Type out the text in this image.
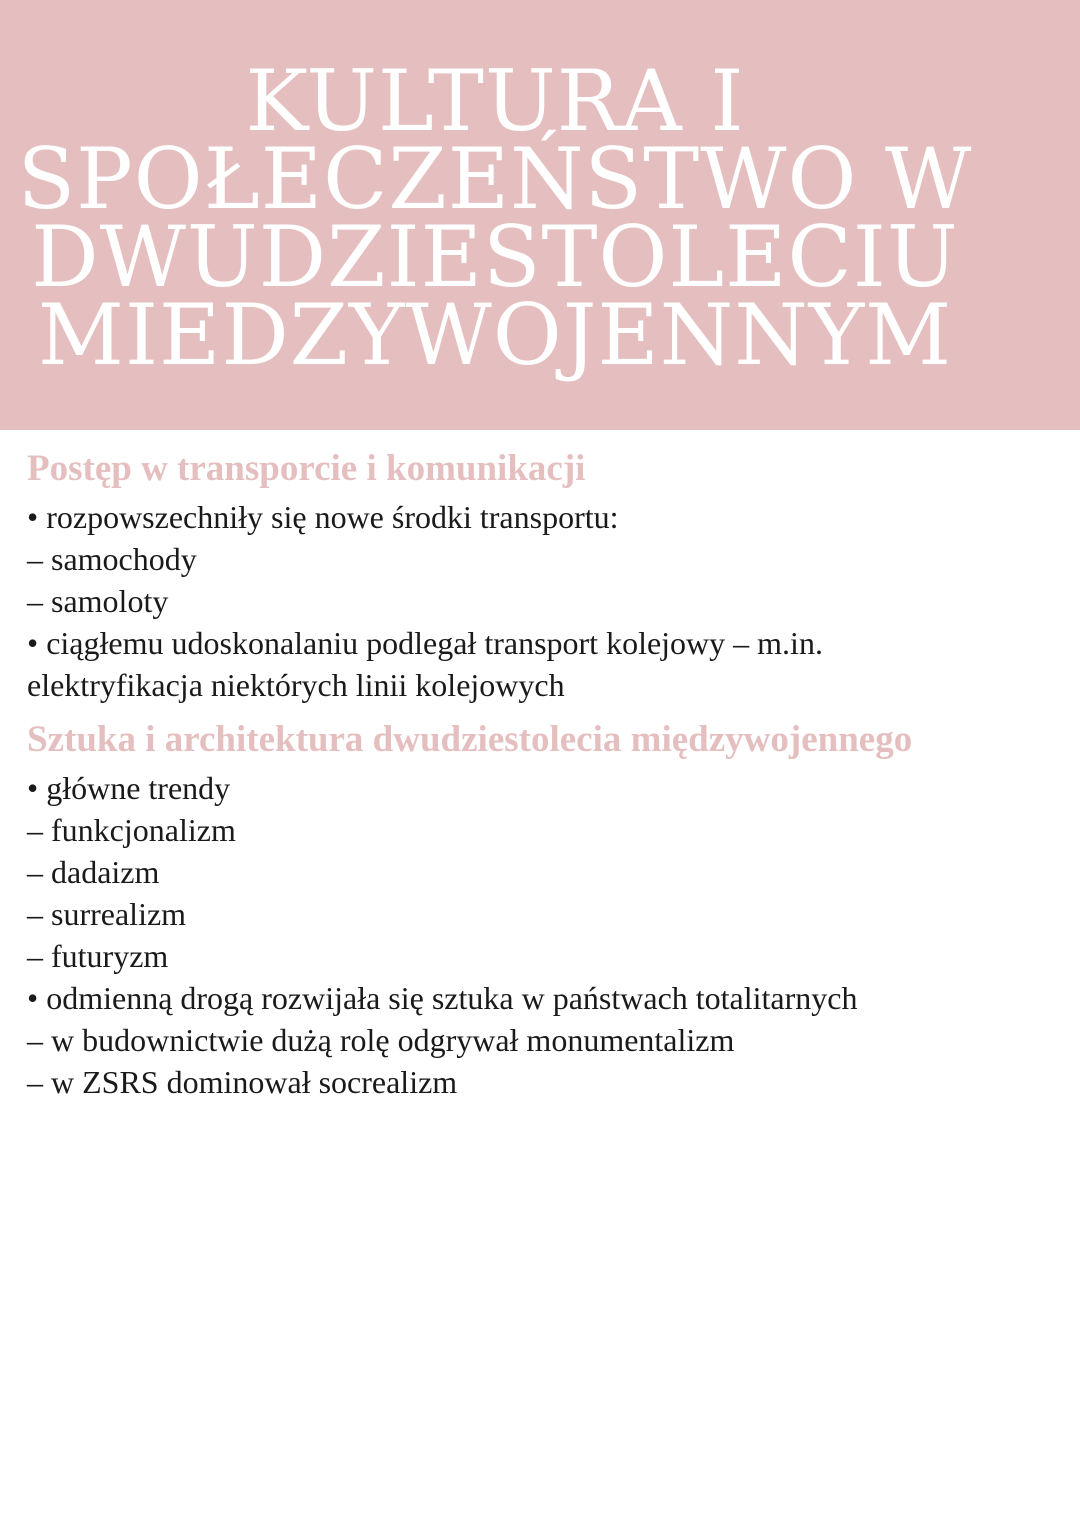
KULTURA I
SPOŁECZEŃSTWO W
DWUDZIESTOLECIU
MIEDZYWOJENNYM
Postęp w transporcie i komunikacji
• rozpowszechniły się nowe środki transportu:
– samochody
– samoloty
• ciągłemu udoskonalaniu podlegał transport kolejowy – m.in.
elektryfikacja niektórych linii kolejowych
Sztuka i architektura dwudziestolecia międzywojennego
• główne trendy
– funkcjonalizm
– dadaizm
– surrealizm
– futuryzm
• odmienną drogą rozwijała się sztuka w państwach totalitarnych
– w budownictwie dużą rolę odgrywał monumentalizm
– w ZSRS dominował socrealizm
